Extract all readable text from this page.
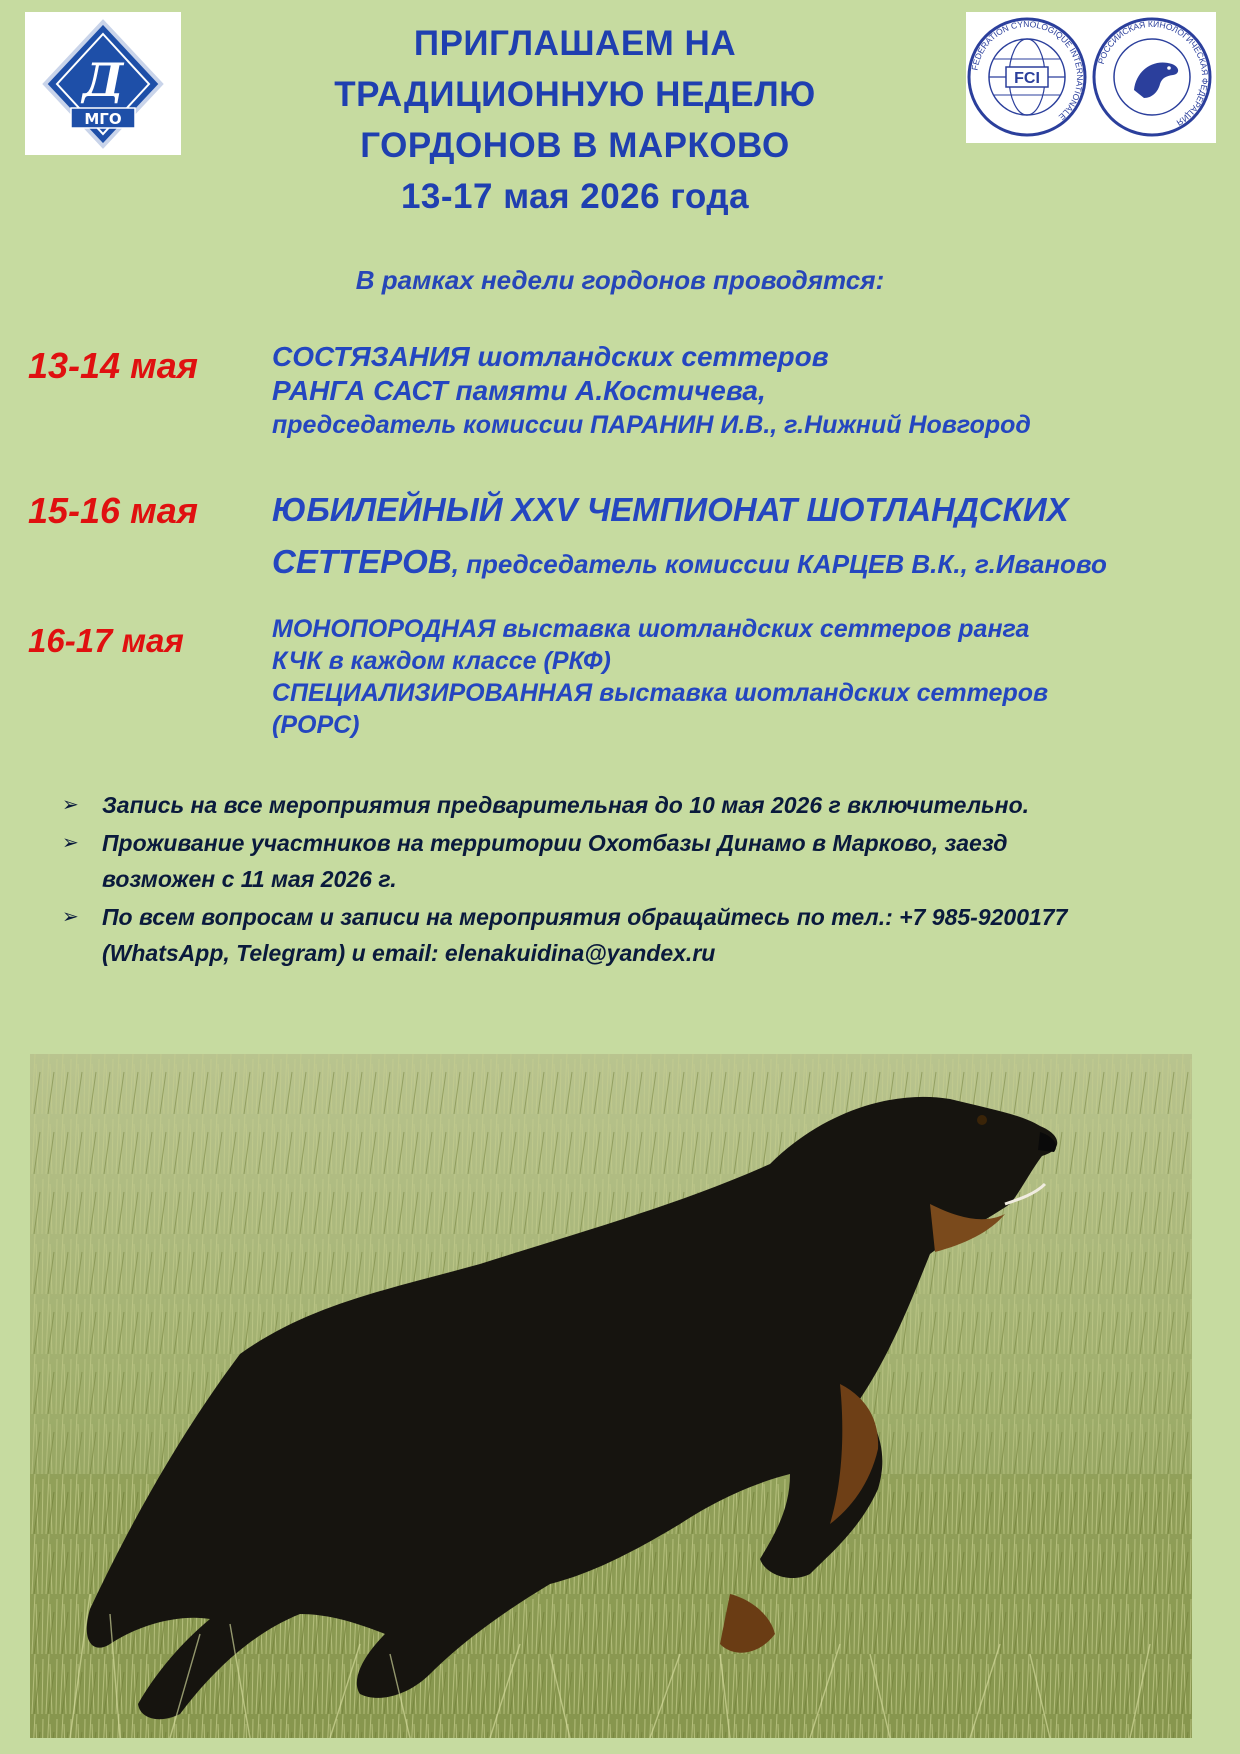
Д
МГО
FCI
FEDERATION CYNOLOGIQUE INTERNATIONALE
РОССИЙСКАЯ КИНОЛОГИЧЕСКАЯ ФЕДЕРАЦИЯ
ПРИГЛАШАЕМ НА
ТРАДИЦИОННУЮ НЕДЕЛЮ
ГОРДОНОВ В МАРКОВО
13-17 мая 2026 года
В рамках недели гордонов проводятся:
13-14 мая	СОСТЯЗАНИЯ шотландских сеттеров
РАНГА САСТ памяти А.Костичева,
председатель комиссии ПАРАНИН И.В., г.Нижний Новгород
15-16 мая ЮБИЛЕЙНЫЙ XXV ЧЕМПИОНАТ ШОТЛАНДСКИХ
СЕТТЕРОВ, председатель комиссии КАРЦЕВ В.К., г.Иваново
16-17 мая	МОНОПОРОДНАЯ выставка шотландских сеттеров ранга
КЧК в каждом классе (РКФ)
СПЕЦИАЛИЗИРОВАННАЯ выставка шотландских сеттеров
(РОРС)
➢	Запись на все мероприятия предварительная до 10 мая 2026 г включительно.
➢	Проживание участников на территории Охотбазы Динамо в Марково, заезд
возможен с 11 мая 2026 г.
➢	По всем вопросам и записи на мероприятия обращайтесь по тел.: +7 985-9200177
(WhatsApp, Telegram) и email: elenakuidina@yandex.ru
